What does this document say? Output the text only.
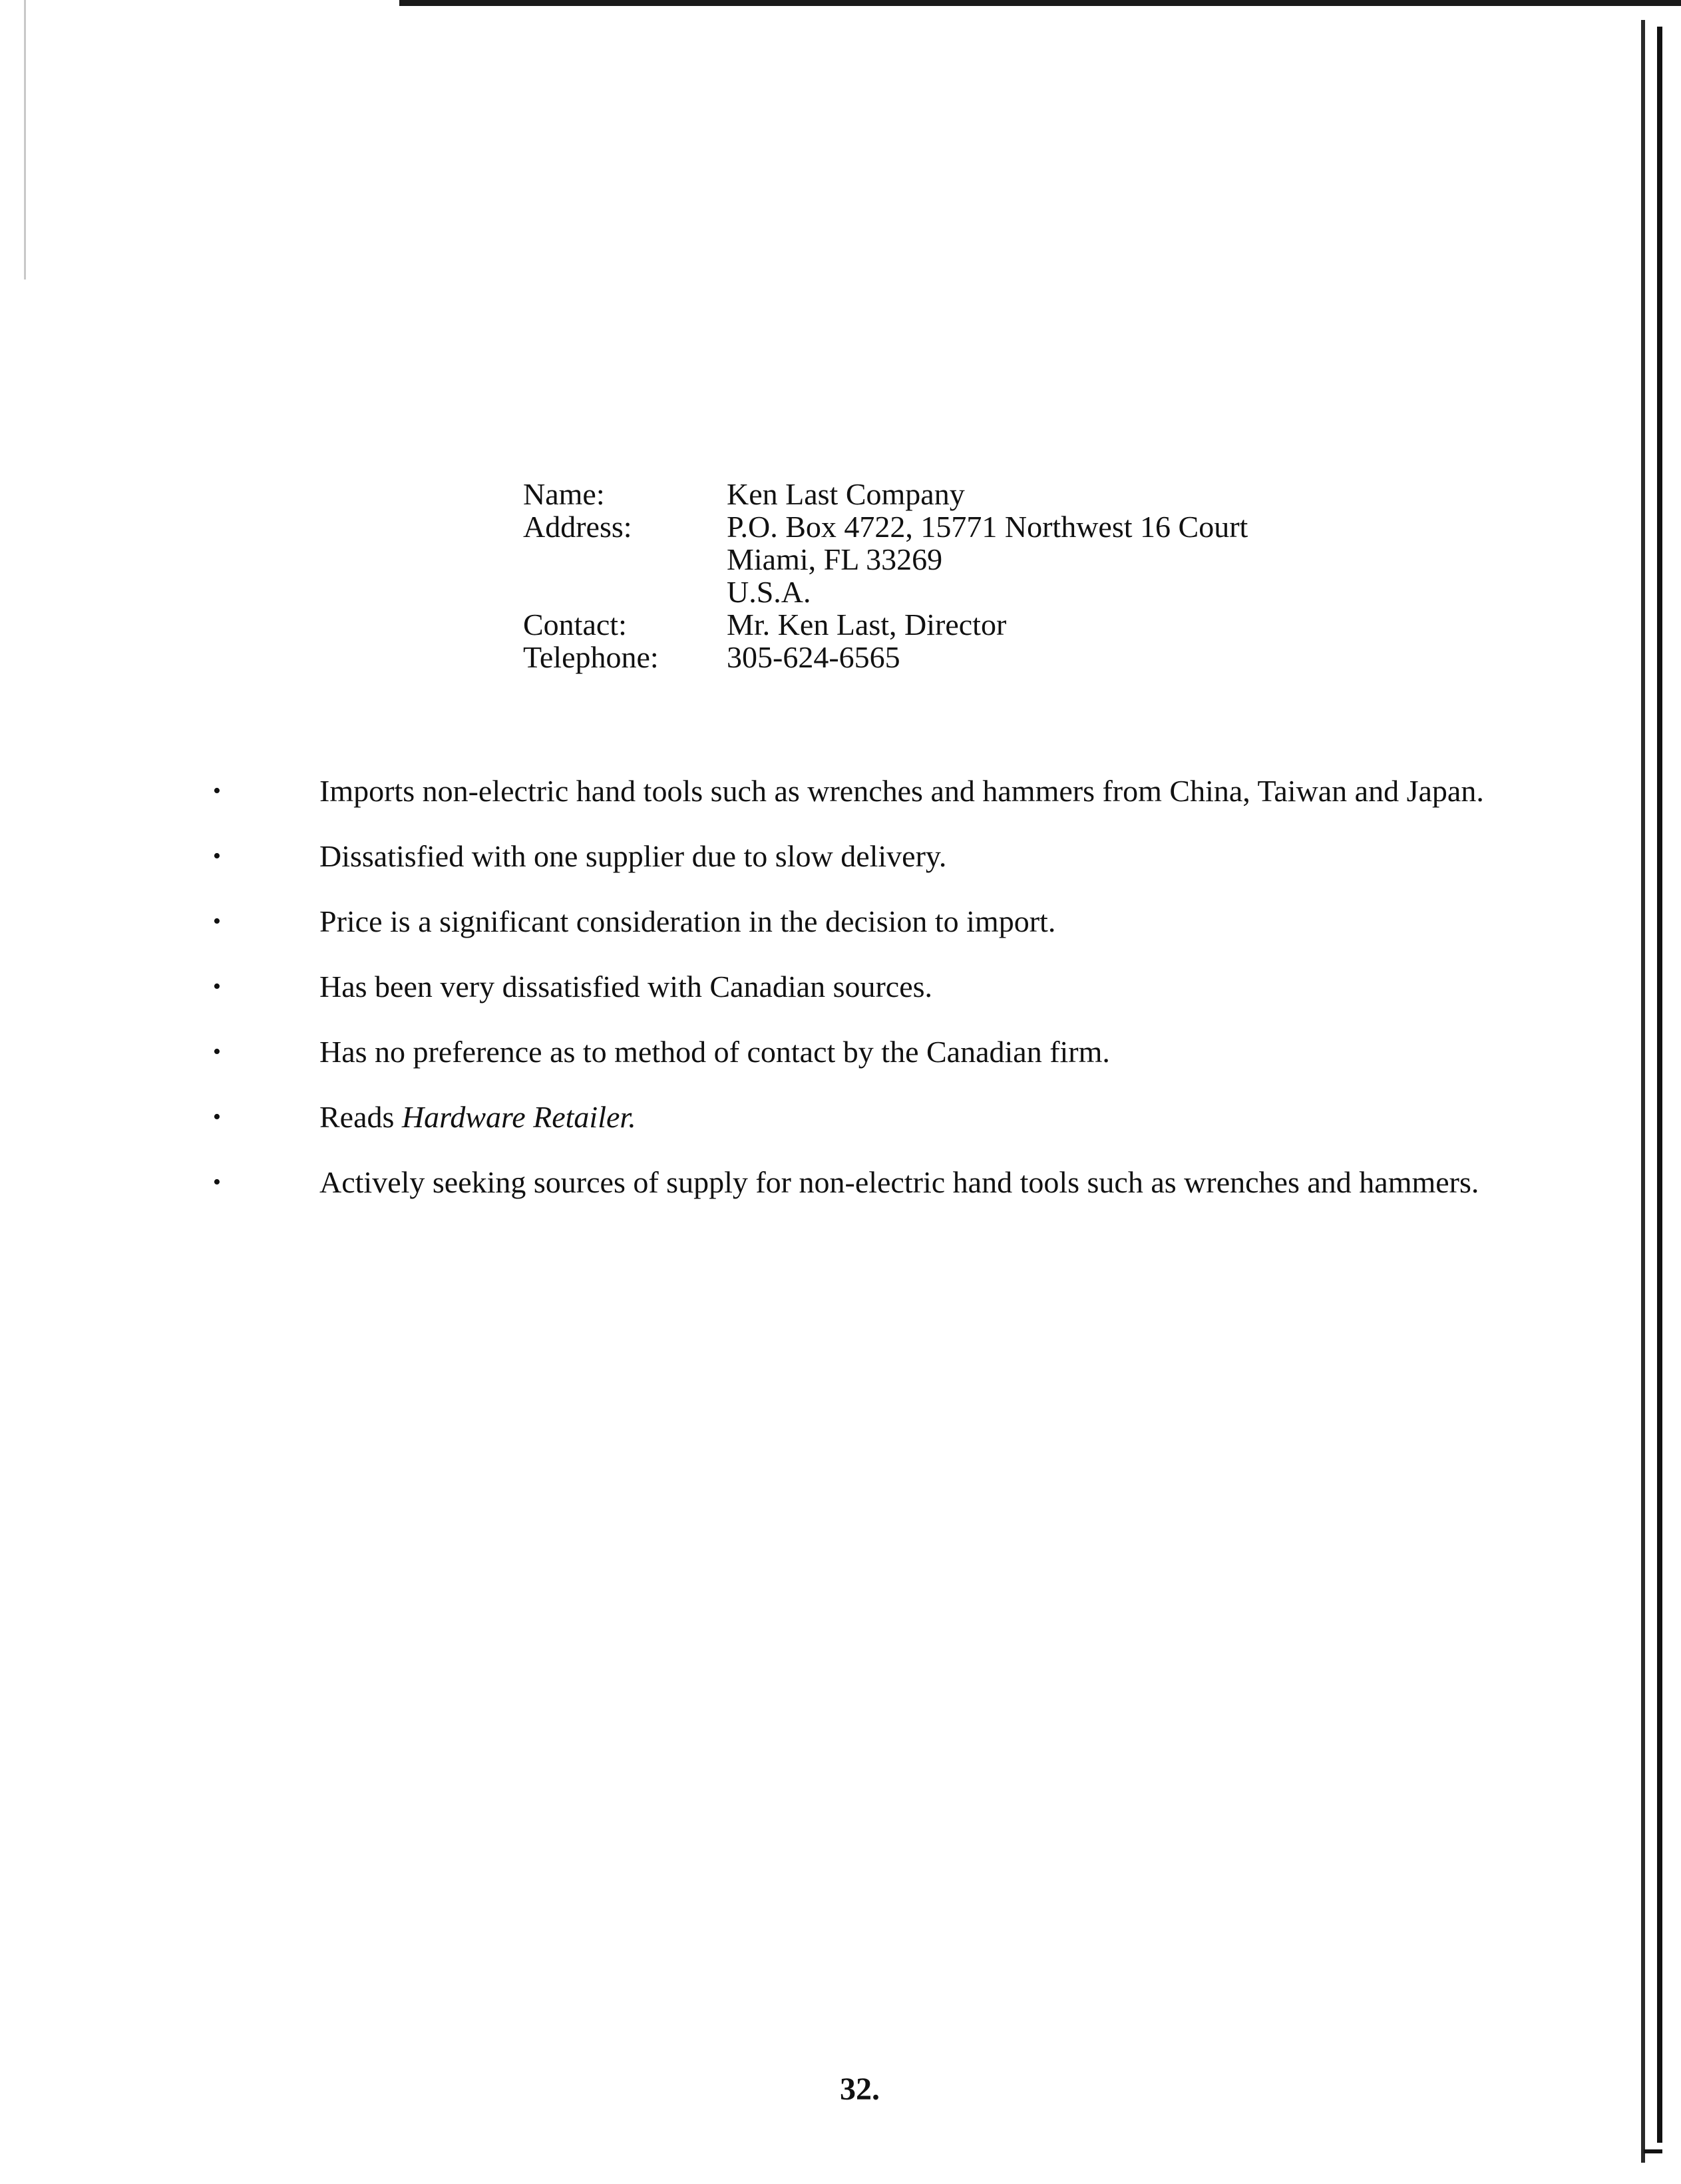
Name:	Ken Last Company
Address:	P.O. Box 4722, 15771 Northwest 16 Court
Miami, FL 33269
U.S.A.
Contact:	Mr. Ken Last, Director
Telephone:	305-624-6565
•	Imports non-electric hand tools such as wrenches and hammers from China, Taiwan and Japan.
•	Dissatisfied with one supplier due to slow delivery.
•	Price is a significant consideration in the decision to import.
•	Has been very dissatisfied with Canadian sources.
•	Has no preference as to method of contact by the Canadian firm.
•	Reads Hardware Retailer.
•	Actively seeking sources of supply for non-electric hand tools such as wrenches and hammers.
32.
